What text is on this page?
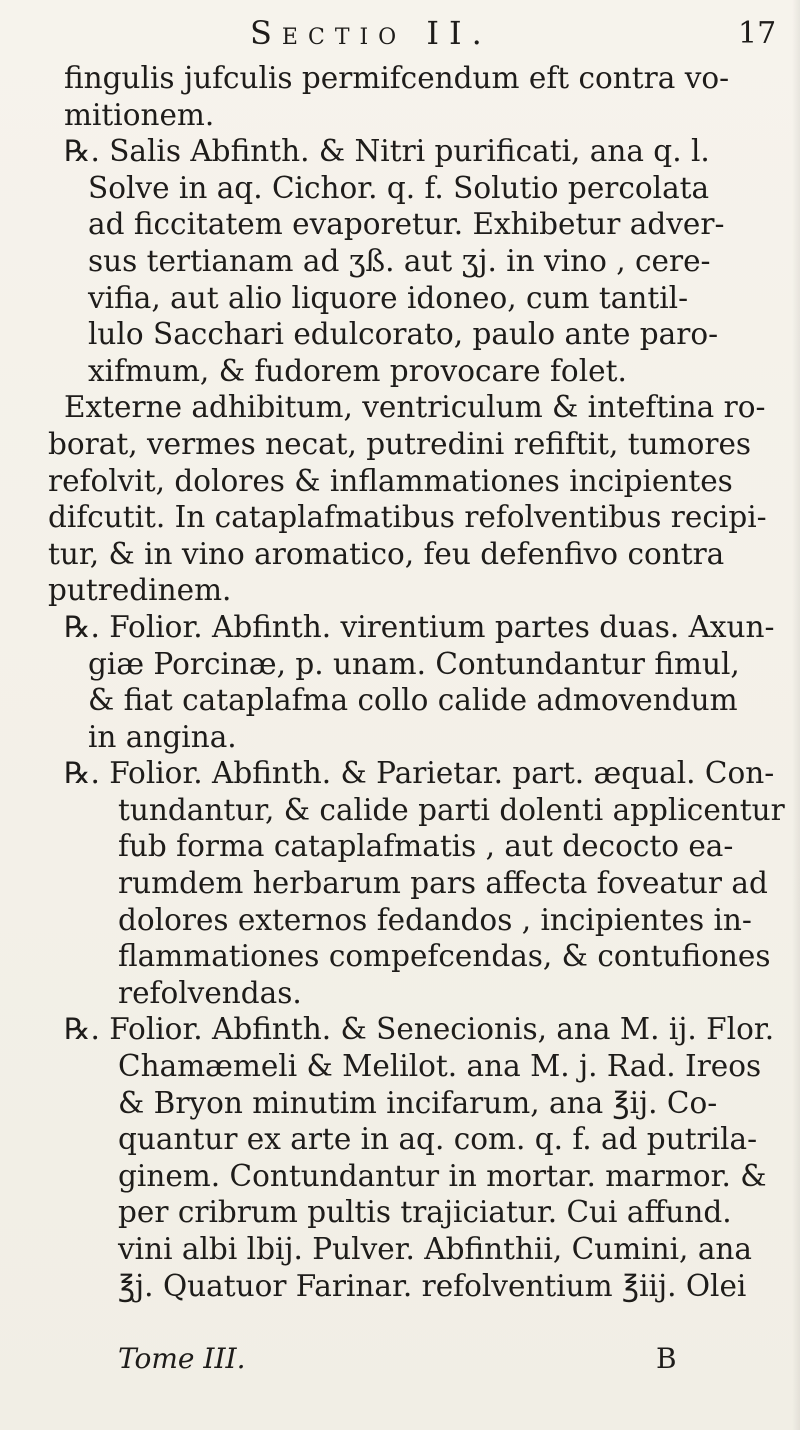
Sectio II.	17
fingulis jufculis permifcendum eft contra vo-
mitionem.
℞. Salis Abfinth. & Nitri purificati, ana q. l.
Solve in aq. Cichor. q. f. Solutio percolata
ad ficcitatem evaporetur. Exhibetur adver-
sus tertianam ad ʒß. aut ʒj. in vino , cere-
vifia, aut alio liquore idoneo, cum tantil-
lulo Sacchari edulcorato, paulo ante paro-
xifmum, & fudorem provocare folet.
Externe adhibitum, ventriculum & inteftina ro-
borat, vermes necat, putredini refiftit, tumores
refolvit, dolores & inflammationes incipientes
difcutit. In cataplafmatibus refolventibus recipi-
tur, & in vino aromatico, feu defenfivo contra
putredinem.
℞. Folior. Abfinth. virentium partes duas. Axun-
giæ Porcinæ, p. unam. Contundantur fimul,
& fiat cataplafma collo calide admovendum
in angina.
℞. Folior. Abfinth. & Parietar. part. æqual. Con-
tundantur, & calide parti dolenti applicentur
fub forma cataplafmatis , aut decocto ea-
rumdem herbarum pars affecta foveatur ad
dolores externos fedandos , incipientes in-
flammationes compefcendas, & contufiones
refolvendas.
℞. Folior. Abfinth. & Senecionis, ana M. ij. Flor.
Chamæmeli & Melilot. ana M. j. Rad. Ireos
& Bryon minutim incifarum, ana ℥ij. Co-
quantur ex arte in aq. com. q. f. ad putrila-
ginem. Contundantur in mortar. marmor. &
per cribrum pultis trajiciatur. Cui affund.
vini albi lbij. Pulver. Abfinthii, Cumini, ana
℥j. Quatuor Farinar. refolventium ℥iij. Olei
Tome III.	B
